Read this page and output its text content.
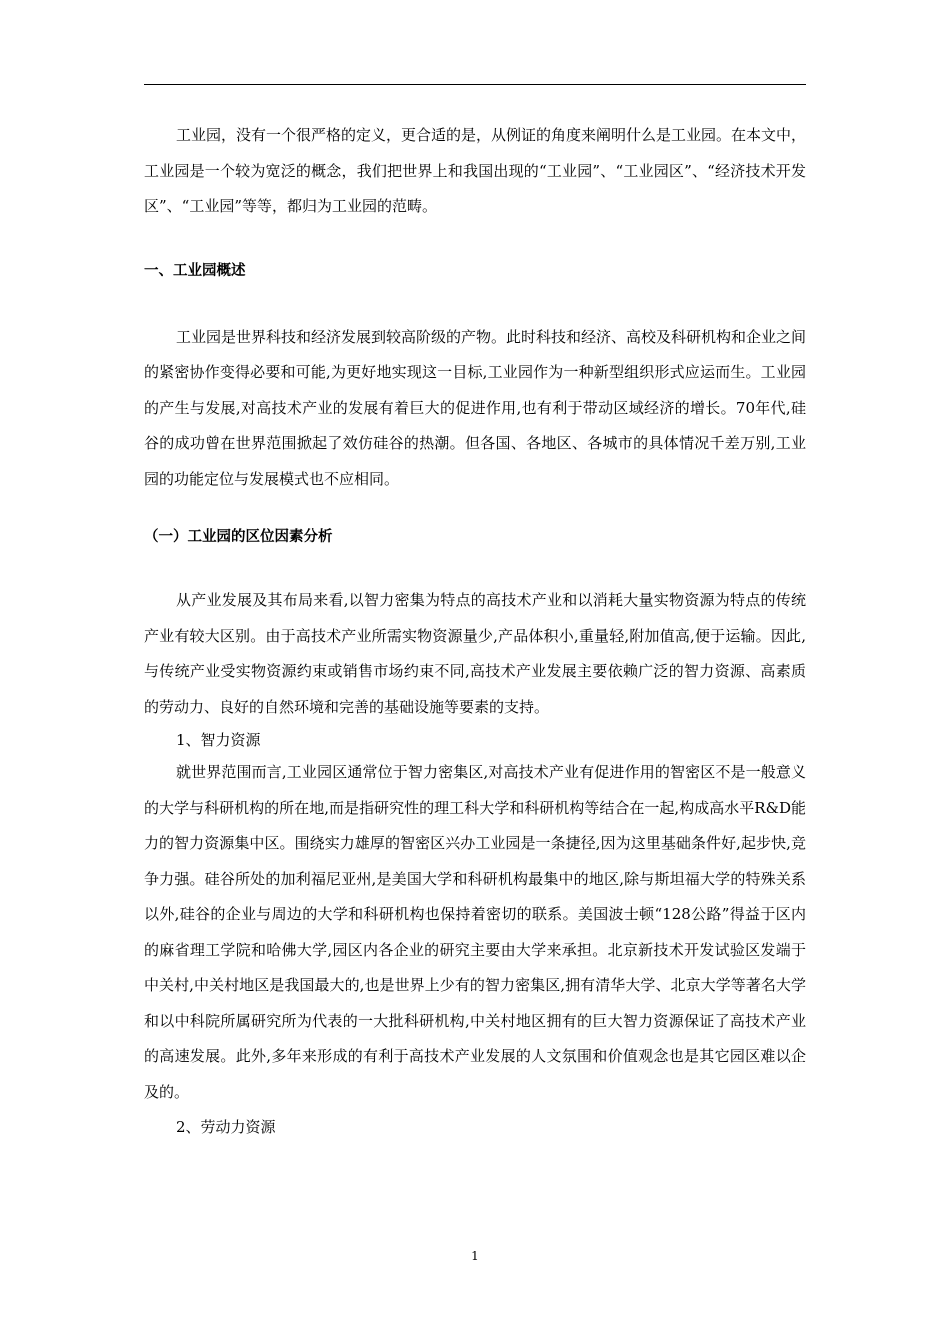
工业园，没有一个很严格的定义，更合适的是，从例证的角度来阐明什么是工业园。在本文中，工业园是一个较为宽泛的概念，我们把世界上和我国出现的“工业园”、“工业园区”、“经济技术开发区”、“工业园”等等，都归为工业园的范畴。

一、工业园概述

工业园是世界科技和经济发展到较高阶级的产物。此时科技和经济、高校及科研机构和企业之间的紧密协作变得必要和可能,为更好地实现这一目标,工业园作为一种新型组织形式应运而生。工业园的产生与发展,对高技术产业的发展有着巨大的促进作用,也有利于带动区域经济的增长。70年代,硅谷的成功曾在世界范围掀起了效仿硅谷的热潮。但各国、各地区、各城市的具体情况千差万别,工业园的功能定位与发展模式也不应相同。

（一）工业园的区位因素分析

从产业发展及其布局来看,以智力密集为特点的高技术产业和以消耗大量实物资源为特点的传统产业有较大区别。由于高技术产业所需实物资源量少,产品体积小,重量轻,附加值高,便于运输。因此,与传统产业受实物资源约束或销售市场约束不同,高技术产业发展主要依赖广泛的智力资源、高素质的劳动力、良好的自然环境和完善的基础设施等要素的支持。

1、智力资源

就世界范围而言,工业园区通常位于智力密集区,对高技术产业有促进作用的智密区不是一般意义的大学与科研机构的所在地,而是指研究性的理工科大学和科研机构等结合在一起,构成高水平R&D能力的智力资源集中区。围绕实力雄厚的智密区兴办工业园是一条捷径,因为这里基础条件好,起步快,竞争力强。硅谷所处的加利福尼亚州,是美国大学和科研机构最集中的地区,除与斯坦福大学的特殊关系以外,硅谷的企业与周边的大学和科研机构也保持着密切的联系。美国波士顿“128公路”得益于区内的麻省理工学院和哈佛大学,园区内各企业的研究主要由大学来承担。北京新技术开发试验区发端于中关村,中关村地区是我国最大的,也是世界上少有的智力密集区,拥有清华大学、北京大学等著名大学和以中科院所属研究所为代表的一大批科研机构,中关村地区拥有的巨大智力资源保证了高技术产业的高速发展。此外,多年来形成的有利于高技术产业发展的人文氛围和价值观念也是其它园区难以企及的。

2、劳动力资源

1
